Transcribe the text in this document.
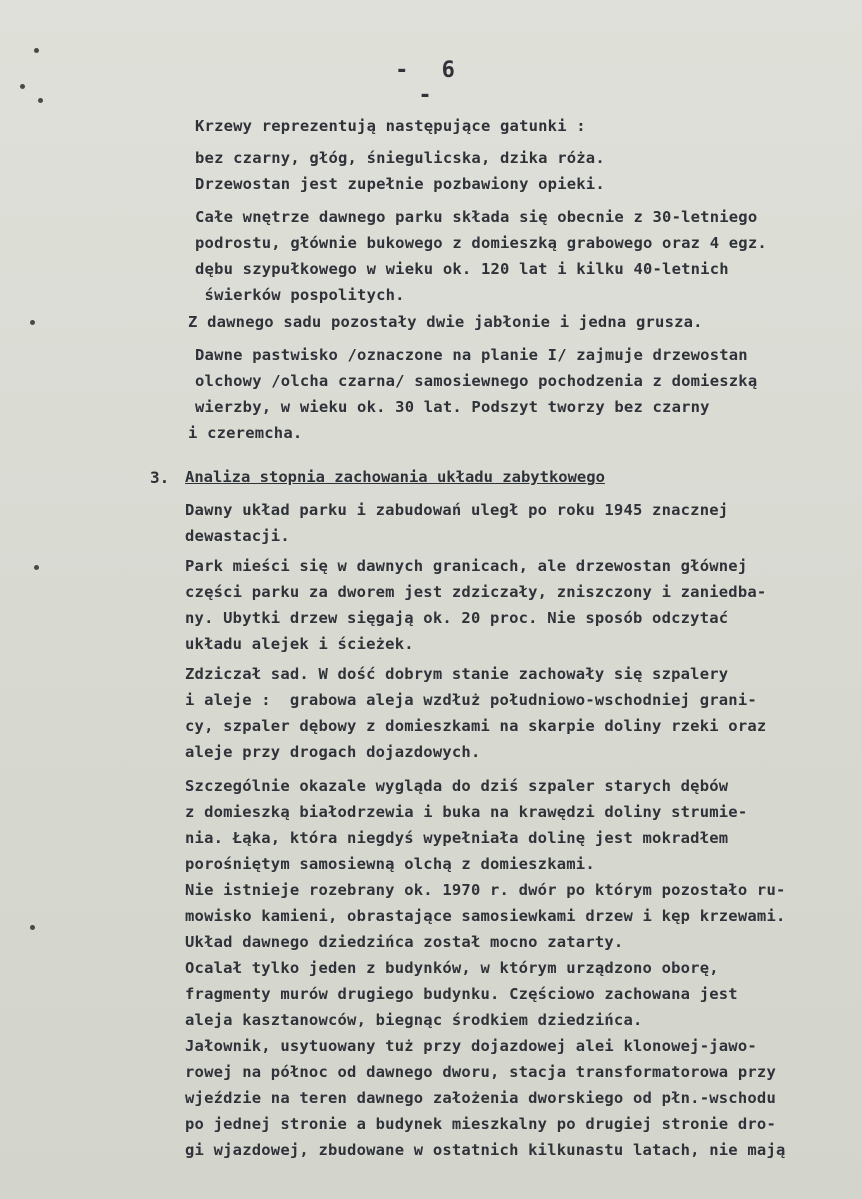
- 6 -
Krzewy reprezentują następujące gatunki :
bez czarny, głóg, śniegulicska, dzika róża.
Drzewostan jest zupełnie pozbawiony opieki.
Całe wnętrze dawnego parku składa się obecnie z 30-letniego
podrostu, głównie bukowego z domieszką grabowego oraz 4 egz.
dębu szypułkowego w wieku ok. 120 lat i kilku 40-letnich
świerków pospolitych.
Z dawnego sadu pozostały dwie jabłonie i jedna grusza.
Dawne pastwisko /oznaczone na planie I/ zajmuje drzewostan
olchowy /olcha czarna/ samosiewnego pochodzenia z domieszką
wierzby, w wieku ok. 30 lat. Podszyt tworzy bez czarny
i czeremcha.
3. Analiza stopnia zachowania układu zabytkowego
Dawny układ parku i zabudowań uległ po roku 1945 znacznej
dewastacji.
Park mieści się w dawnych granicach, ale drzewostan głównej
części parku za dworem jest zdziczały, zniszczony i zaniedba-
ny. Ubytki drzew sięgają ok. 20 proc. Nie sposób odczytać
układu alejek i ścieżek.
Zdziczał sad. W dość dobrym stanie zachowały się szpalery
i aleje :  grabowa aleja wzdłuż południowo-wschodniej grani-
cy, szpaler dębowy z domieszkami na skarpie doliny rzeki oraz
aleje przy drogach dojazdowych.
Szczególnie okazale wygląda do dziś szpaler starych dębów
z domieszką białodrzewia i buka na krawędzi doliny strumie-
nia. Łąka, która niegdyś wypełniała dolinę jest mokradłem
porośniętym samosiewną olchą z domieszkami.
Nie istnieje rozebrany ok. 1970 r. dwór po którym pozostało ru-
mowisko kamieni, obrastające samosiewkami drzew i kęp krzewami.
Układ dawnego dziedzińca został mocno zatarty.
Ocalał tylko jeden z budynków, w którym urządzono oborę,
fragmenty murów drugiego budynku. Częściowo zachowana jest
aleja kasztanowców, biegnąc środkiem dziedzińca.
Jałownik, usytuowany tuż przy dojazdowej alei klonowej-jawo-
rowej na północ od dawnego dworu, stacja transformatorowa przy
wjeździe na teren dawnego założenia dworskiego od płn.-wschodu
po jednej stronie a budynek mieszkalny po drugiej stronie dro-
gi wjazdowej, zbudowane w ostatnich kilkunastu latach, nie mają
